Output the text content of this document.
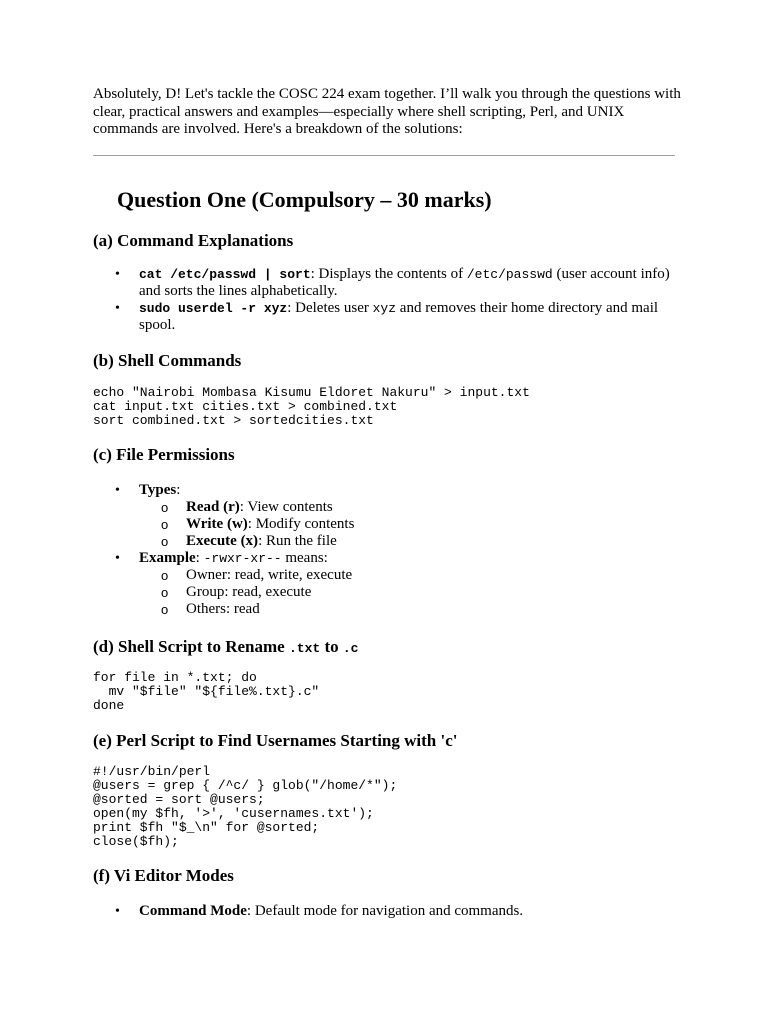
Absolutely, D! Let's tackle the COSC 224 exam together. I’ll walk you through the questions with clear, practical answers and examples—especially where shell scripting, Perl, and UNIX commands are involved. Here's a breakdown of the solutions:

Question One (Compulsory – 30 marks)
(a) Command Explanations
• cat /etc/passwd | sort: Displays the contents of /etc/passwd (user account info) and sorts the lines alphabetically.
• sudo userdel -r xyz: Deletes user xyz and removes their home directory and mail spool.
(b) Shell Commands
echo "Nairobi Mombasa Kisumu Eldoret Nakuru" > input.txt
cat input.txt cities.txt > combined.txt
sort combined.txt > sortedcities.txt
(c) File Permissions
• Types:
o Read (r): View contents
o Write (w): Modify contents
o Execute (x): Run the file
• Example: -rwxr-xr-- means:
o Owner: read, write, execute
o Group: read, execute
o Others: read
(d) Shell Script to Rename .txt to .c
for file in *.txt; do
mv "$file" "${file%.txt}.c"
done
(e) Perl Script to Find Usernames Starting with 'c'
#!/usr/bin/perl
@users = grep { /^c/ } glob("/home/*");
@sorted = sort @users;
open(my $fh, '>', 'cusernames.txt');
print $fh "$_\n" for @sorted;
close($fh);
(f) Vi Editor Modes
• Command Mode: Default mode for navigation and commands.
